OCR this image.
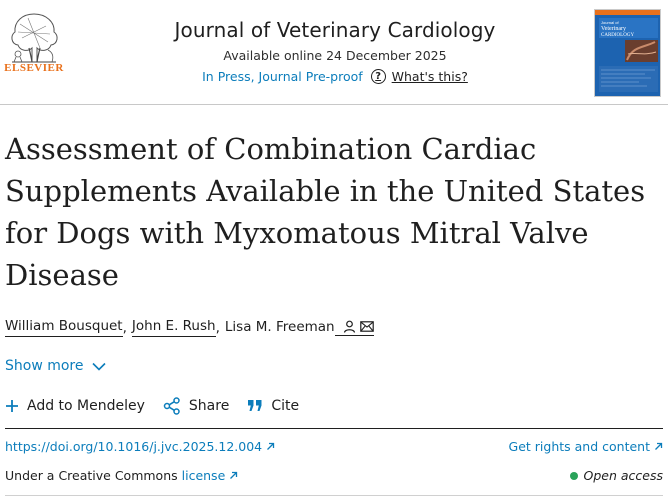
ELSEVIER
Journal of Veterinary Cardiology
Available online 24 December 2025
In Press, Journal Pre-proof	? What's this?
Journal of
Veterinary
CARDIOLOGY
Assessment of Combination Cardiac
Supplements Available in the United States
for Dogs with Myxomatous Mitral Valve
Disease
William Bousquet , John E. Rush , Lisa M. Freeman
Show more
Add to Mendeley	Share	Cite
https://doi.org/10.1016/j.jvc.2025.12.004	Get rights and content
Under a Creative Commons license	Open access
